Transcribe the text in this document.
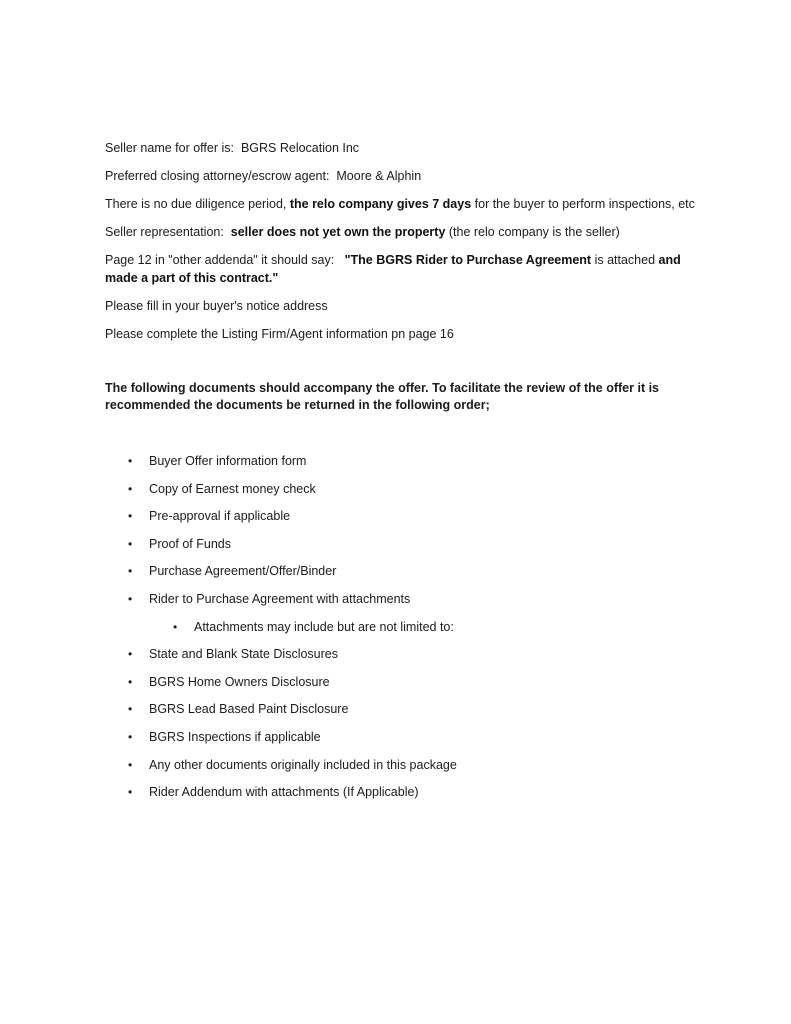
Seller name for offer is: BGRS Relocation Inc
Preferred closing attorney/escrow agent: Moore & Alphin
There is no due diligence period, the relo company gives 7 days for the buyer to perform inspections, etc
Seller representation: seller does not yet own the property (the relo company is the seller)
Page 12 in "other addenda" it should say: "The BGRS Rider to Purchase Agreement is attached and
made a part of this contract."
Please fill in your buyer's notice address
Please complete the Listing Firm/Agent information pn page 16
The following documents should accompany the offer. To facilitate the review of the offer it is
recommended the documents be returned in the following order;
• Buyer Offer information form
• Copy of Earnest money check
• Pre-approval if applicable
• Proof of Funds
• Purchase Agreement/Offer/Binder
• Rider to Purchase Agreement with attachments
• Attachments may include but are not limited to:
• State and Blank State Disclosures
• BGRS Home Owners Disclosure
• BGRS Lead Based Paint Disclosure
• BGRS Inspections if applicable
• Any other documents originally included in this package
• Rider Addendum with attachments (If Applicable)
